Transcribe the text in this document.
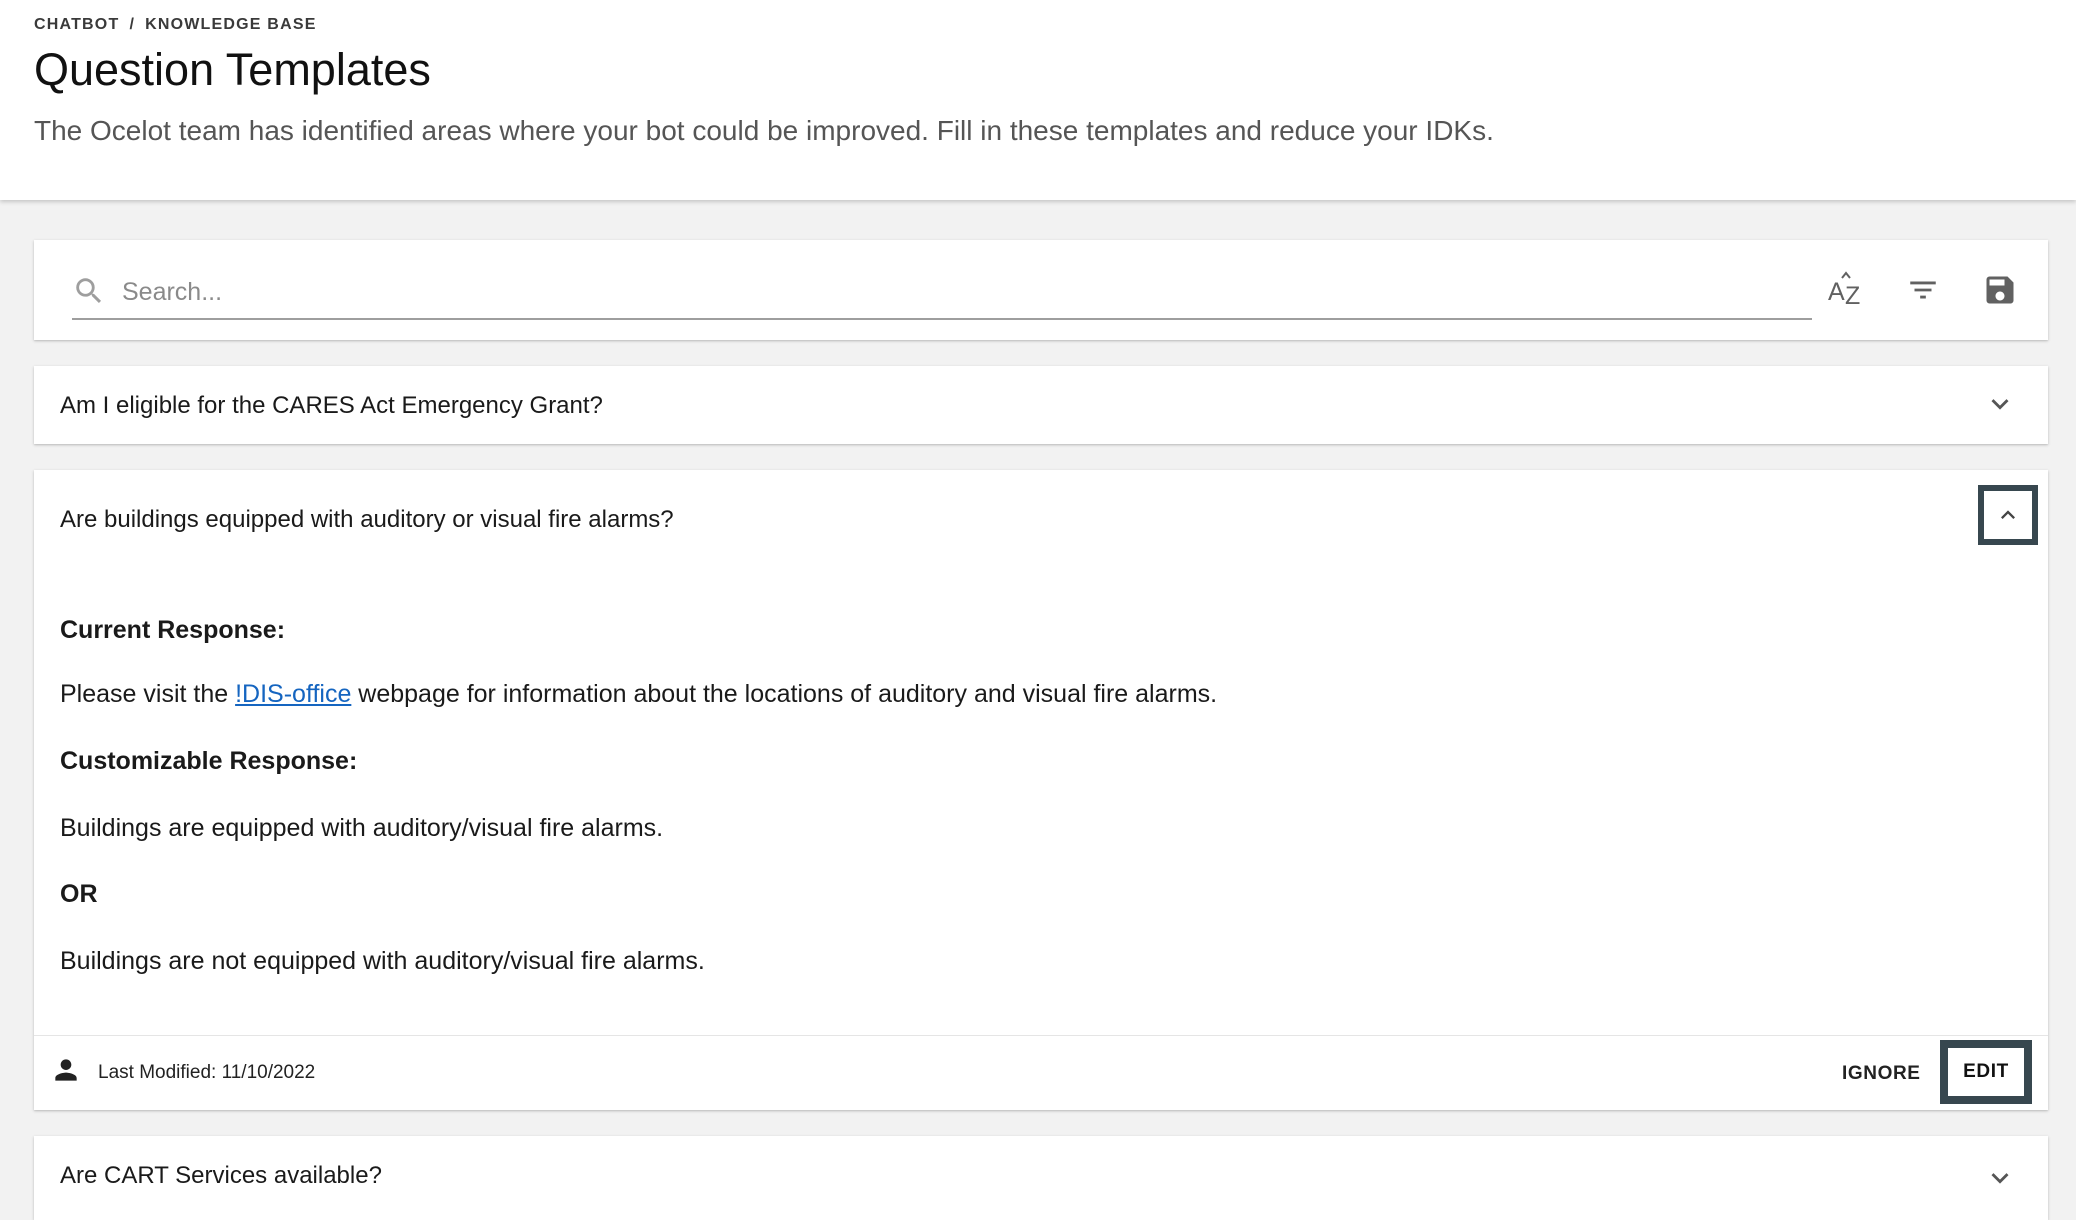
CHATBOT / KNOWLEDGE BASE
Question Templates

The Ocelot team has identified areas where your bot could be improved. Fill in these templates and reduce your IDKs.

Search...
A Z
Am I eligible for the CARES Act Emergency Grant?
Are buildings equipped with auditory or visual fire alarms?
Current Response:
Please visit the !DIS-office webpage for information about the locations of auditory and visual fire alarms.
Customizable Response:
Buildings are equipped with auditory/visual fire alarms.
OR
Buildings are not equipped with auditory/visual fire alarms.
Last Modified: 11/10/2022	IGNORE	EDIT
Are CART Services available?
